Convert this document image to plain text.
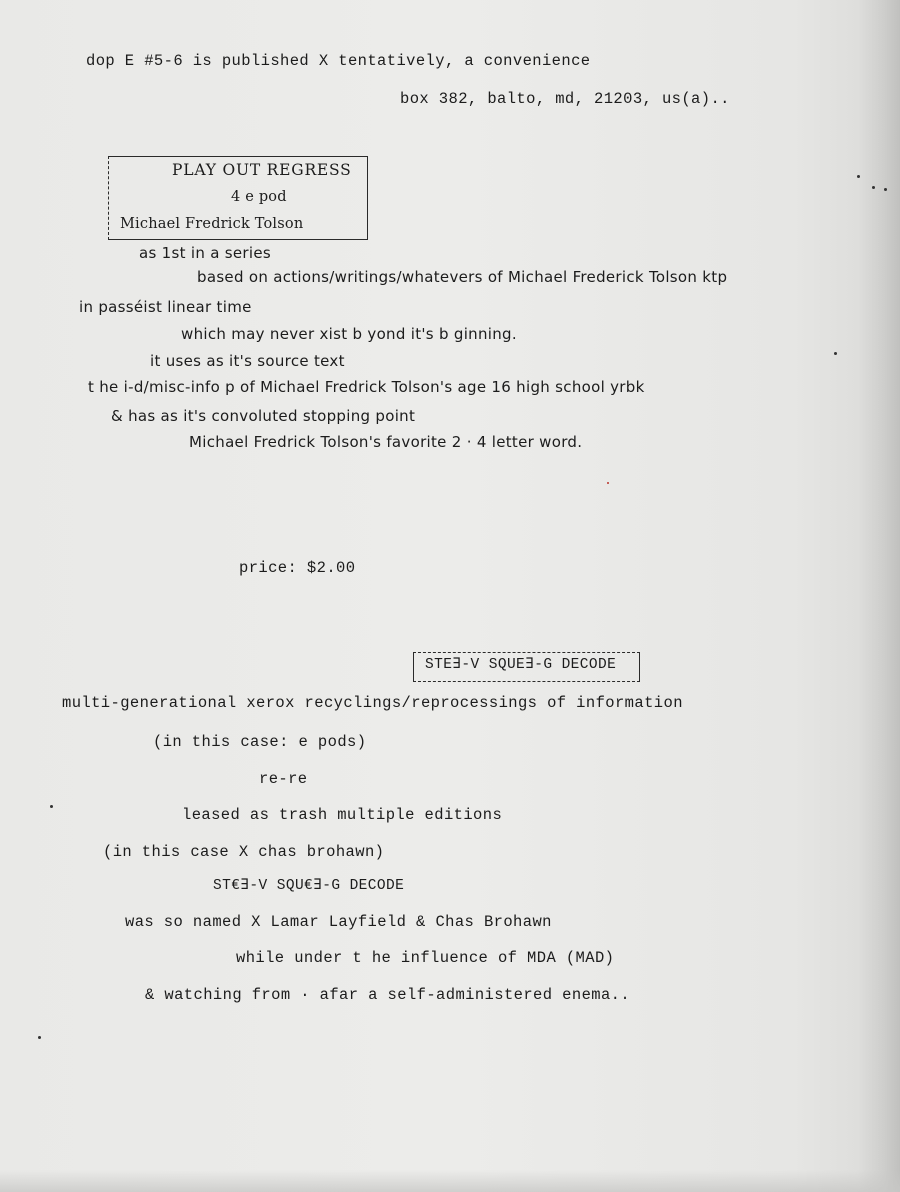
dop E #5-6 is published X tentatively, a convenience

box 382, balto, md, 21203, us(a)..

PLAY OUT REGRESS

4 e pod

Michael Fredrick Tolson

as 1st in a series

based on actions/writings/whatevers of Michael Frederick Tolson ktp

in passéist linear time

which may never xist b yond it's b ginning.

it uses as it's source text

t he i-d/misc-info p of Michael Fredrick Tolson's age 16 high school yrbk

& has as it's convoluted stopping point

Michael Fredrick Tolson's favorite 2 · 4 letter word.

price: $2.00

STE∃-V SQUE∃-G DECODE

multi-generational xerox recyclings/reprocessings of information

(in this case: e pods)

re-re

leased as trash multiple editions

(in this case X chas brohawn)

ST€∃-V SQU€∃-G DECODE

was so named X Lamar Layfield & Chas Brohawn

while under t he influence of MDA (MAD)

& watching from · afar a self-administered enema..
